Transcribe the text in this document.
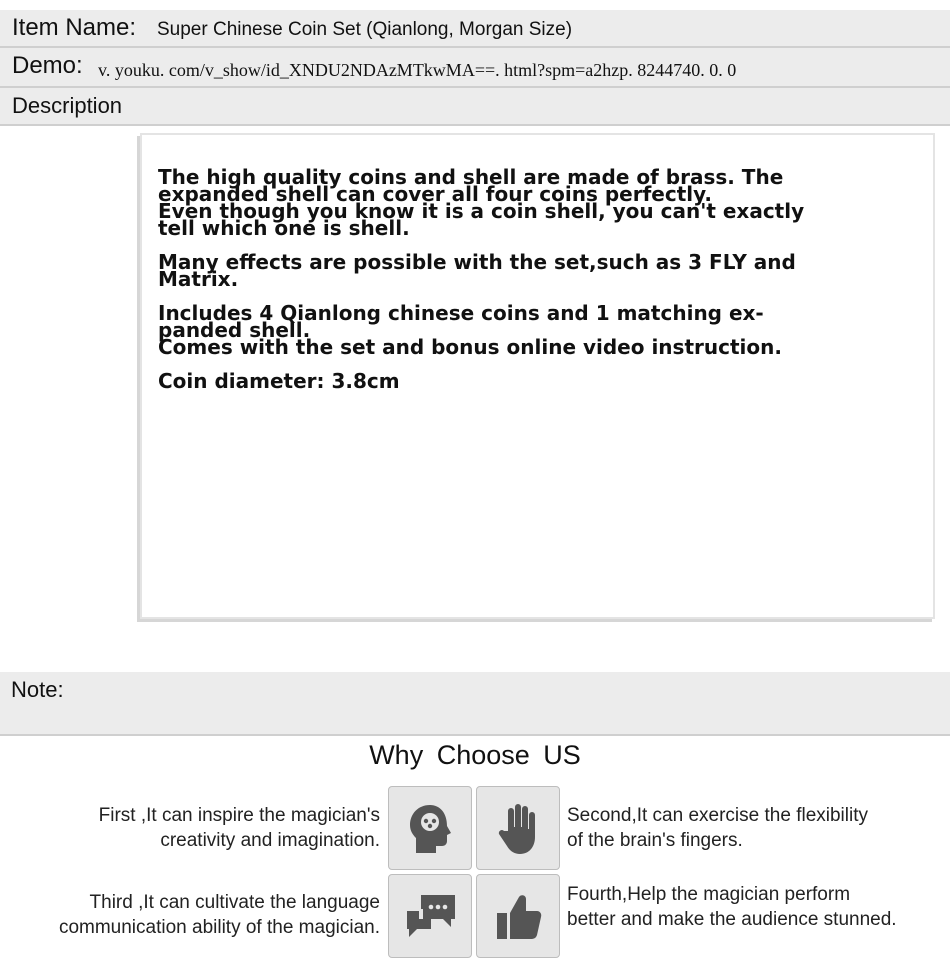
Item Name: Super Chinese Coin Set (Qianlong, Morgan Size)
Demo: v. youku. com/v_show/id_XNDU2NDAzMTkwMA==. html?spm=a2hzp. 8244740. 0. 0
Description
The high quality coins and shell are made of brass. The
expanded shell can cover all four coins perfectly.
Even though you know it is a coin shell, you can't exactly
tell which one is shell.
Many effects are possible with the set,such as 3 FLY and
Matrix.
Includes 4 Qianlong chinese coins and 1 matching ex-
panded shell.
Comes with the set and bonus online video instruction.
Coin diameter: 3.8cm
Note:
Why Choose US
First ,It can inspire the magician's
creativity and imagination.
Second,It can exercise the flexibility
of the brain's fingers.
Third ,It can cultivate the language
communication ability of the magician.
Fourth,Help the magician perform
better and make the audience stunned.
